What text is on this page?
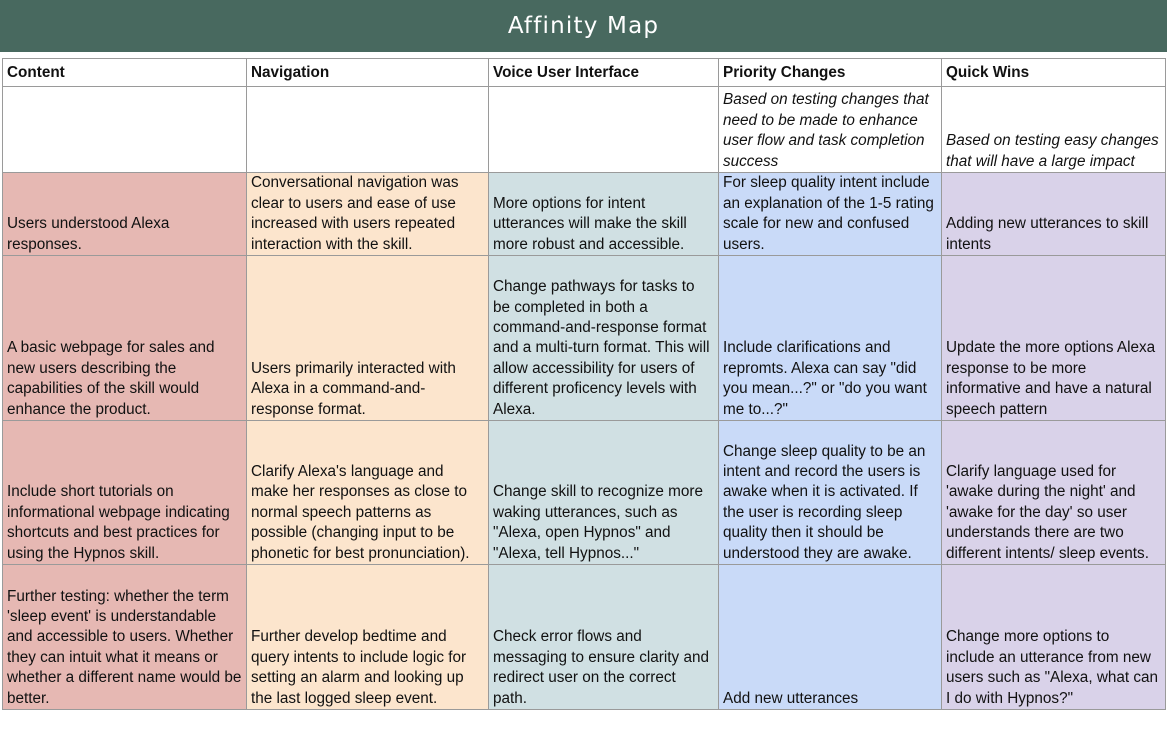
Affinity Map
Content	Navigation	Voice User Interface	Priority Changes	Quick Wins
			Based on testing changes that need to be made to enhance user flow and task completion success	Based on testing easy changes that will have a large impact
Users understood Alexa responses.	Conversational navigation was clear to users and ease of use increased with users repeated interaction with the skill.	More options for intent utterances will make the skill more robust and accessible.	For sleep quality intent include an explanation of the 1-5 rating scale for new and confused users.	Adding new utterances to skill intents
A basic webpage for sales and new users describing the capabilities of the skill would enhance the product.	Users primarily interacted with Alexa in a command-and-response format.	Change pathways for tasks to be completed in both a command-and-response format and a multi-turn format. This will allow accessibility for users of different proficency levels with Alexa.	Include clarifications and repromts. Alexa can say "did you mean...?" or "do you want me to...?"	Update the more options Alexa response to be more informative and have a natural speech pattern
Include short tutorials on informational webpage indicating shortcuts and best practices for using the Hypnos skill.	Clarify Alexa's language and make her responses as close to normal speech patterns as possible (changing input to be phonetic for best pronunciation).	Change skill to recognize more waking utterances, such as "Alexa, open Hypnos" and "Alexa, tell Hypnos..."	Change sleep quality to be an intent and record the users is awake when it is activated. If the user is recording sleep quality then it should be understood they are awake.	Clarify language used for 'awake during the night' and 'awake for the day' so user understands there are two different intents/ sleep events.
Further testing: whether the term 'sleep event' is understandable and accessible to users. Whether they can intuit what it means or whether a different name would be better.	Further develop bedtime and query intents to include logic for setting an alarm and looking up the last logged sleep event.	Check error flows and messaging to ensure clarity and redirect user on the correct path.	Add new utterances	Change more options to include an utterance from new users such as "Alexa, what can I do with Hypnos?"
